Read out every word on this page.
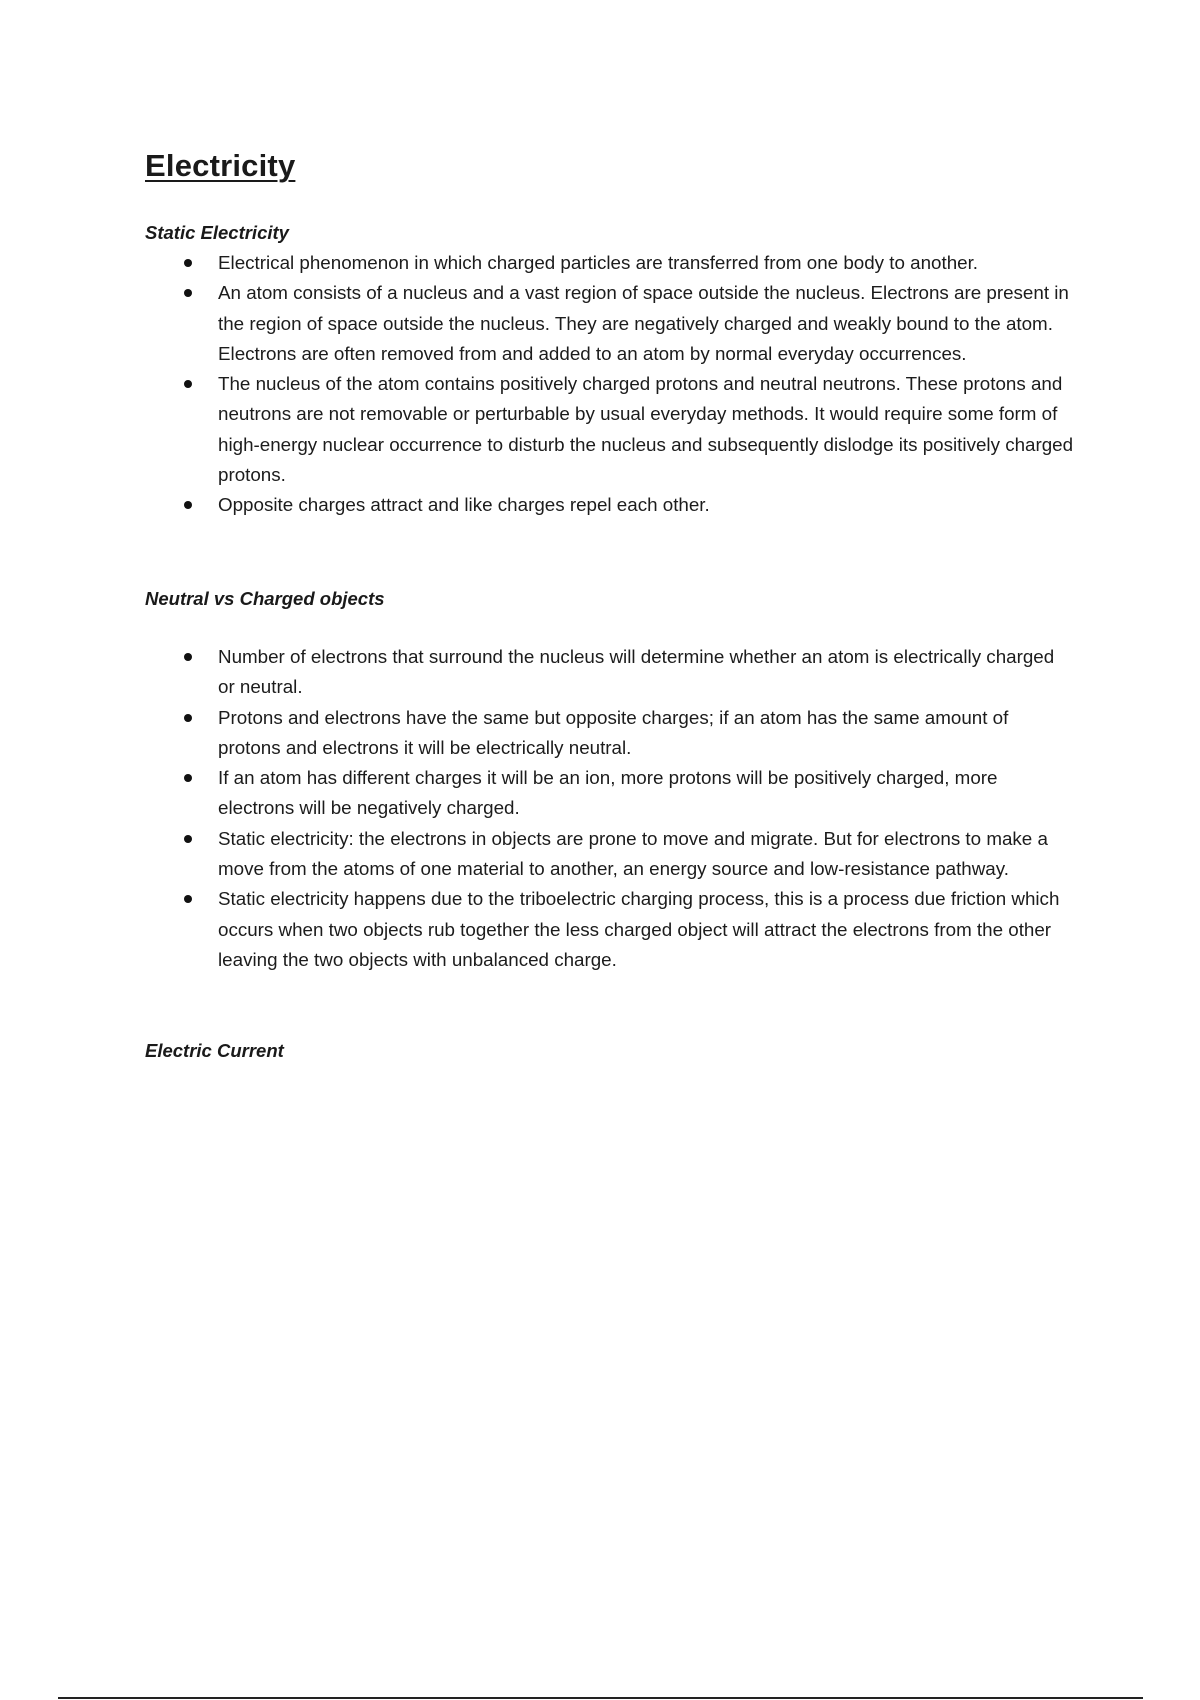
Electricity
Static Electricity
Electrical phenomenon in which charged particles are transferred from one body to another.
An atom consists of a nucleus and a vast region of space outside the nucleus. Electrons are present in the region of space outside the nucleus. They are negatively charged and weakly bound to the atom. Electrons are often removed from and added to an atom by normal everyday occurrences.
The nucleus of the atom contains positively charged protons and neutral neutrons. These protons and neutrons are not removable or perturbable by usual everyday methods. It would require some form of high-energy nuclear occurrence to disturb the nucleus and subsequently dislodge its positively charged protons.
Opposite charges attract and like charges repel each other.
Neutral vs Charged objects
Number of electrons that surround the nucleus will determine whether an atom is electrically charged or neutral.
Protons and electrons have the same but opposite charges; if an atom has the same amount of protons and electrons it will be electrically neutral.
If an atom has different charges it will be an ion, more protons will be positively charged, more electrons will be negatively charged.
Static electricity: the electrons in objects are prone to move and migrate. But for electrons to make a move from the atoms of one material to another, an energy source and low-resistance pathway.
Static electricity happens due to the triboelectric charging process, this is a process due friction which occurs when two objects rub together the less charged object will attract the electrons from the other leaving the two objects with unbalanced charge.
Electric Current
